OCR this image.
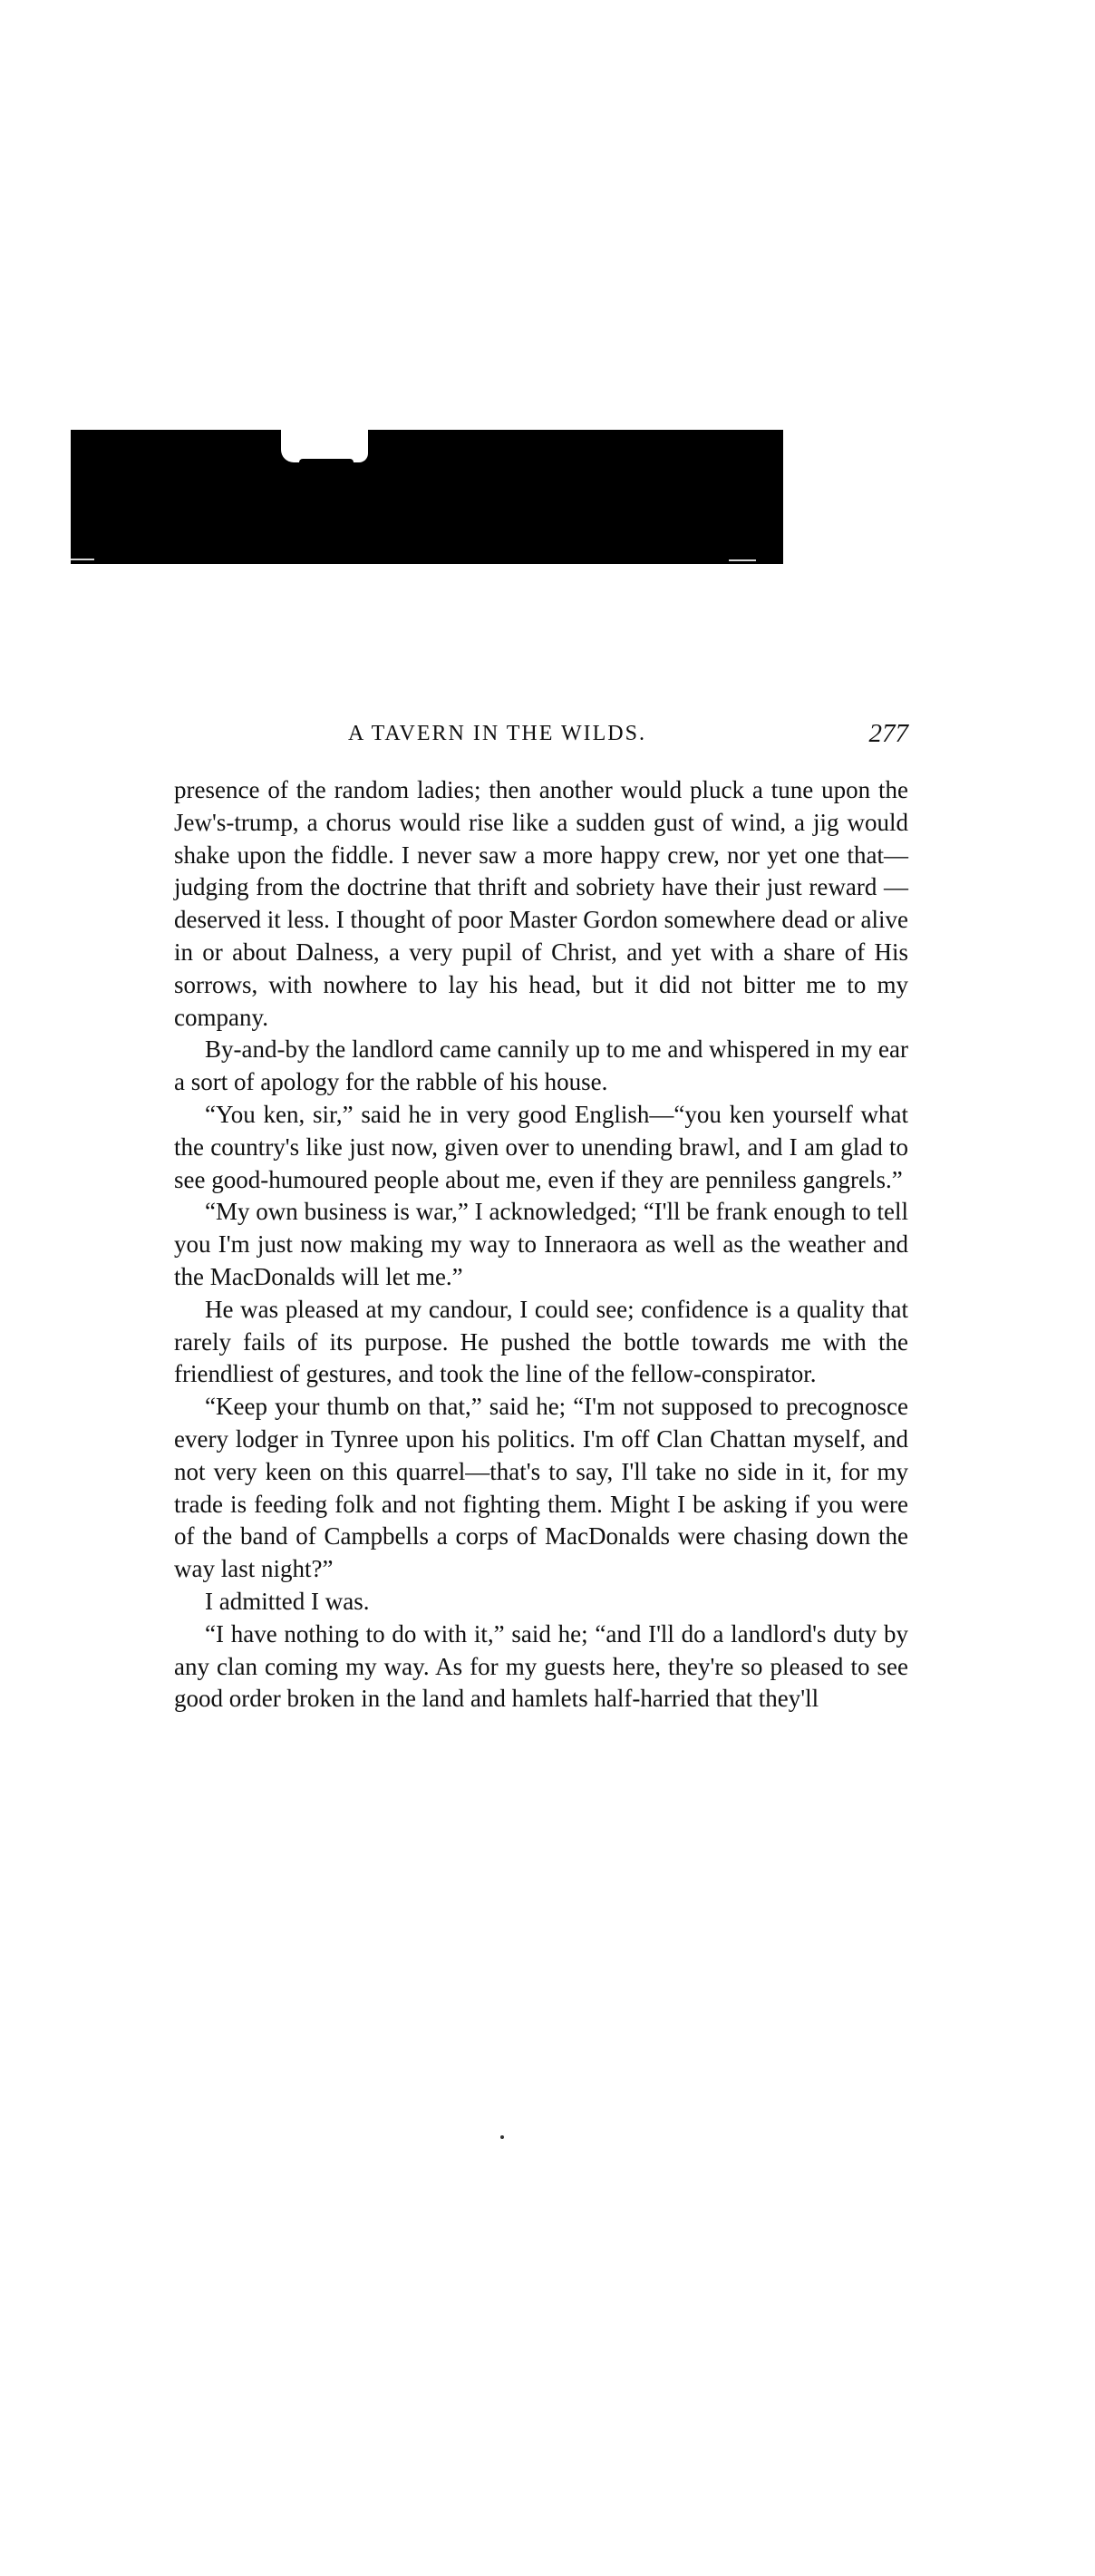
A TAVERN IN THE WILDS.	277

presence of the random ladies; then another would pluck a tune upon the Jew's-trump, a chorus would rise like a sudden gust of wind, a jig would shake upon the fiddle. I never saw a more happy crew, nor yet one that—judging from the doctrine that thrift and sobriety have their just reward — deserved it less. I thought of poor Master Gordon somewhere dead or alive in or about Dalness, a very pupil of Christ, and yet with a share of His sorrows, with nowhere to lay his head, but it did not bitter me to my company.

By-and-by the landlord came cannily up to me and whispered in my ear a sort of apology for the rabble of his house.

“You ken, sir,” said he in very good English—“you ken yourself what the country's like just now, given over to unending brawl, and I am glad to see good-humoured people about me, even if they are penniless gangrels.”

“My own business is war,” I acknowledged; “I'll be frank enough to tell you I'm just now making my way to Inneraora as well as the weather and the MacDonalds will let me.”

He was pleased at my candour, I could see; confidence is a quality that rarely fails of its purpose. He pushed the bottle towards me with the friendliest of gestures, and took the line of the fellow-conspirator.

“Keep your thumb on that,” said he; “I'm not supposed to precognosce every lodger in Tynree upon his politics. I'm off Clan Chattan myself, and not very keen on this quarrel—that's to say, I'll take no side in it, for my trade is feeding folk and not fighting them. Might I be asking if you were of the band of Campbells a corps of MacDonalds were chasing down the way last night?”

I admitted I was.

“I have nothing to do with it,” said he; “and I'll do a landlord's duty by any clan coming my way. As for my guests here, they're so pleased to see good order broken in the land and hamlets half-harried that they'll
